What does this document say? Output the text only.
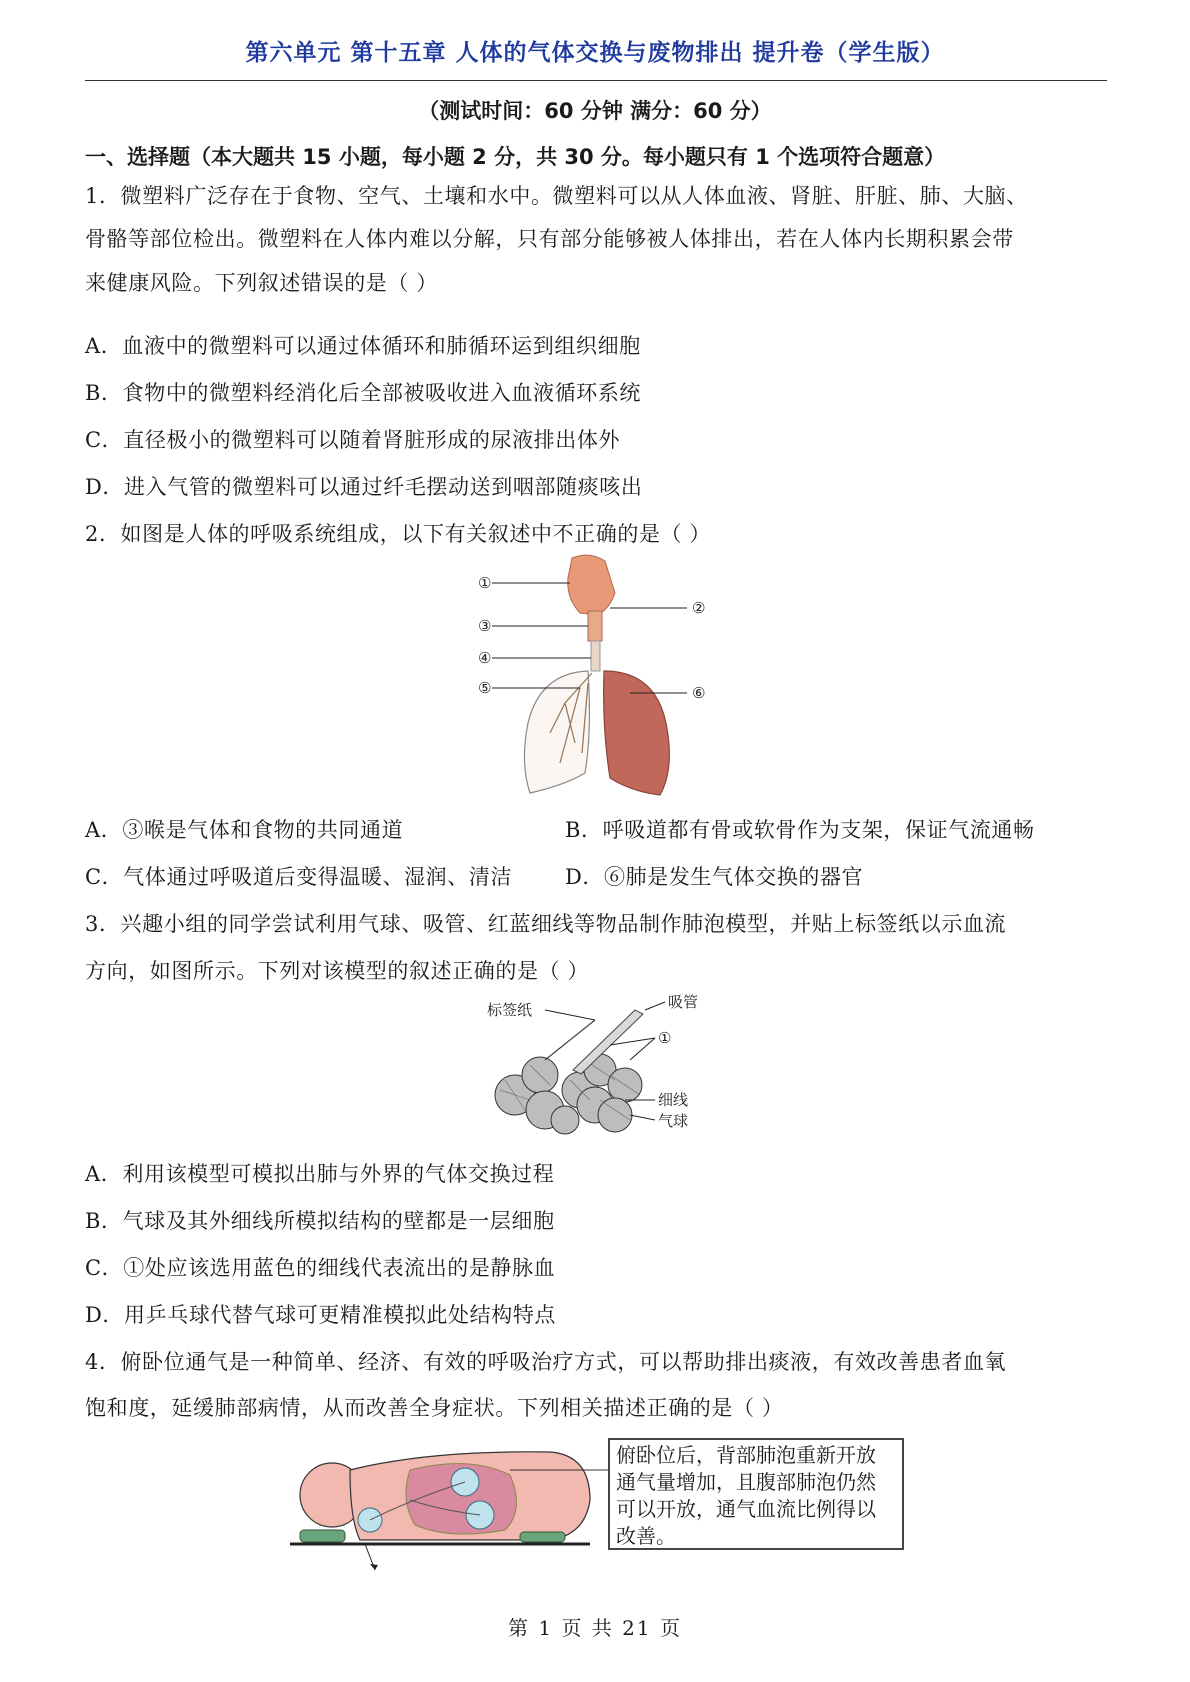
第六单元 第十五章 人体的气体交换与废物排出 提升卷（学生版）
（测试时间：60 分钟 满分：60 分）
一、选择题（本大题共 15 小题，每小题 2 分，共 30 分。每小题只有 1 个选项符合题意）
1．微塑料广泛存在于食物、空气、土壤和水中。微塑料可以从人体血液、肾脏、肝脏、肺、大脑、
骨骼等部位检出。微塑料在人体内难以分解，只有部分能够被人体排出，若在人体内长期积累会带
来健康风险。下列叙述错误的是（ ）
A．血液中的微塑料可以通过体循环和肺循环运到组织细胞
B．食物中的微塑料经消化后全部被吸收进入血液循环系统
C．直径极小的微塑料可以随着肾脏形成的尿液排出体外
D．进入气管的微塑料可以通过纤毛摆动送到咽部随痰咳出
2．如图是人体的呼吸系统组成，以下有关叙述中不正确的是（ ）
①
②
③
④
⑤	⑥
A．③喉是气体和食物的共同通道	B．呼吸道都有骨或软骨作为支架，保证气流通畅
C．气体通过呼吸道后变得温暖、湿润、清洁	D．⑥肺是发生气体交换的器官
3．兴趣小组的同学尝试利用气球、吸管、红蓝细线等物品制作肺泡模型，并贴上标签纸以示血流
方向，如图所示。下列对该模型的叙述正确的是（ ）
标签纸	吸管
①
细线
气球
A．利用该模型可模拟出肺与外界的气体交换过程
B．气球及其外细线所模拟结构的壁都是一层细胞
C．①处应该选用蓝色的细线代表流出的是静脉血
D．用乒乓球代替气球可更精准模拟此处结构特点
4．俯卧位通气是一种简单、经济、有效的呼吸治疗方式，可以帮助排出痰液，有效改善患者血氧
饱和度，延缓肺部病情，从而改善全身症状。下列相关描述正确的是（ ）
俯卧位后，背部肺泡重新开放
通气量增加，且腹部肺泡仍然
可以开放，通气血流比例得以
改善。
第 1 页 共 21 页
